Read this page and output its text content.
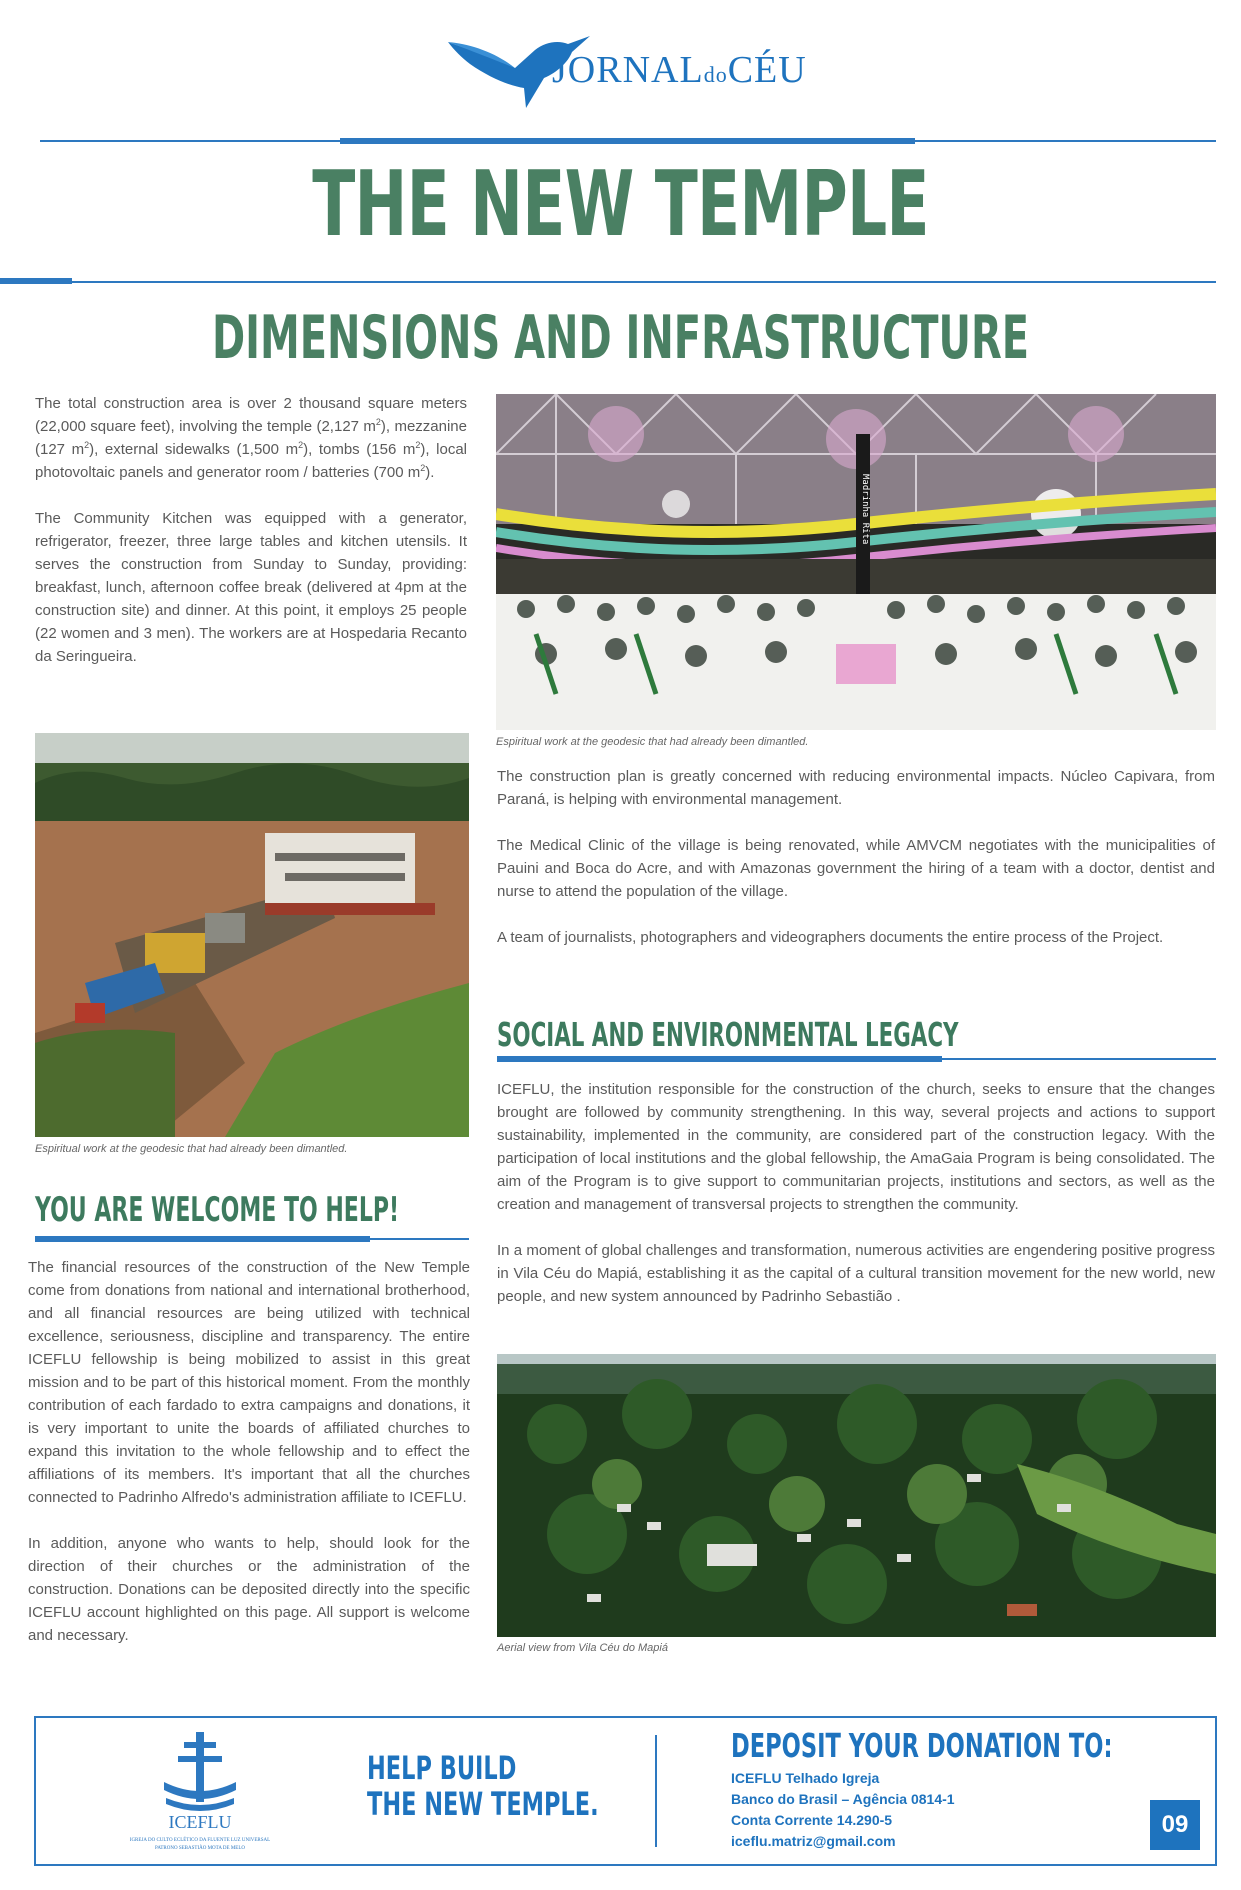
JORNALdoCÉU
THE NEW TEMPLE
DIMENSIONS AND INFRASTRUCTURE

The total construction area is over 2 thousand square meters (22,000 square feet), involving the temple (2,127 $m^2$), mezzanine (127 $m^2$), external sidewalks (1,500 $m^2$), tombs (156 $m^2$), local photovoltaic panels and generator room / batteries (700 $m^2$).

The Community Kitchen was equipped with a generator, refrigerator, freezer, three large tables and kitchen utensils. It serves the construction from Sunday to Sunday, providing: breakfast, lunch, afternoon coffee break (delivered at 4pm at the construction site) and dinner. At this point, it employs 25 people (22 women and 3 men). The workers are at Hospedaria Recanto da Seringueira.

Madrinha Rita
Espiritual work at the geodesic that had already been dimantled.

The construction plan is greatly concerned with reducing environmental impacts. Núcleo Capivara, from Paraná, is helping with environmental management.

The Medical Clinic of the village is being renovated, while AMVCM negotiates with the municipalities of Pauini and Boca do Acre, and with Amazonas government the hiring of a team with a doctor, dentist and nurse to attend the population of the village.

A team of journalists, photographers and videographers documents the entire process of the Project.

Espiritual work at the geodesic that had already been dimantled.
YOU ARE WELCOME TO HELP!

The financial resources of the construction of the New Temple come from donations from national and international brotherhood, and all financial resources are being utilized with technical excellence, seriousness, discipline and transparency. The entire ICEFLU fellowship is being mobilized to assist in this great mission and to be part of this historical moment. From the monthly contribution of each fardado to extra campaigns and donations, it is very important to unite the boards of affiliated churches to expand this invitation to the whole fellowship and to effect the affiliations of its members. It's important that all the churches connected to Padrinho Alfredo's administration affiliate to ICEFLU.

In addition, anyone who wants to help, should look for the direction of their churches or the administration of the construction. Donations can be deposited directly into the specific ICEFLU account highlighted on this page. All support is welcome and necessary.

SOCIAL AND ENVIRONMENTAL LEGACY

ICEFLU, the institution responsible for the construction of the church, seeks to ensure that the changes brought are followed by community strengthening. In this way, several projects and actions to support sustainability, implemented in the community, are considered part of the construction legacy. With the participation of local institutions and the global fellowship, the AmaGaia Program is being consolidated. The aim of the Program is to give support to communitarian projects, institutions and sectors, as well as the creation and management of transversal projects to strengthen the community.

In a moment of global challenges and transformation, numerous activities are engendering positive progress in Vila Céu do Mapiá, establishing it as the capital of a cultural transition movement for the new world, new people, and new system announced by Padrinho Sebastião .

Aerial view from Vila Céu do Mapiá
ICEFLU
IGREJA DO CULTO ECLÉTICO DA FLUENTE LUZ UNIVERSAL
PATRONO SEBASTIÃO MOTA DE MELO
HELP BUILD
THE NEW TEMPLE.
DEPOSIT YOUR DONATION TO:
ICEFLU Telhado Igreja
Banco do Brasil – Agência 0814-1
Conta Corrente 14.290-5
iceflu.matriz@gmail.com
09
